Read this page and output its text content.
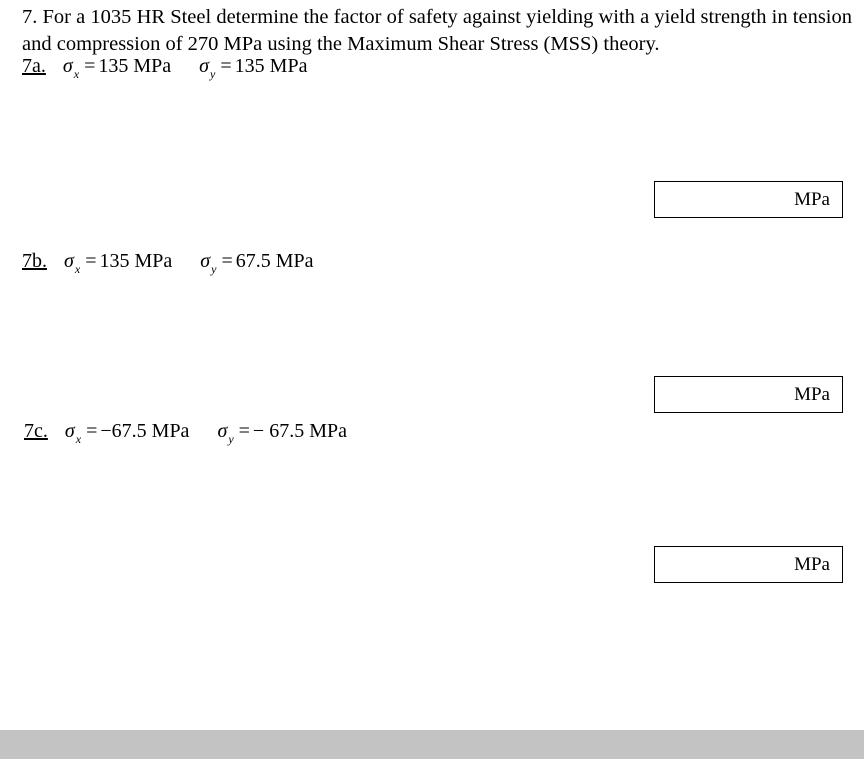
7. For a 1035 HR Steel determine the factor of safety against yielding with a yield strength in tension and compression of 270 MPa using the Maximum Shear Stress (MSS) theory.
7a. $\sigma_x = 135$ MPa $\sigma_y = 135$ MPa
MPa
7b. $\sigma_x = 135$ MPa $\sigma_y = 67.5$ MPa
MPa
7c. $\sigma_x = -67.5$ MPa $\sigma_y$ = − 67.5 MPa
MPa
